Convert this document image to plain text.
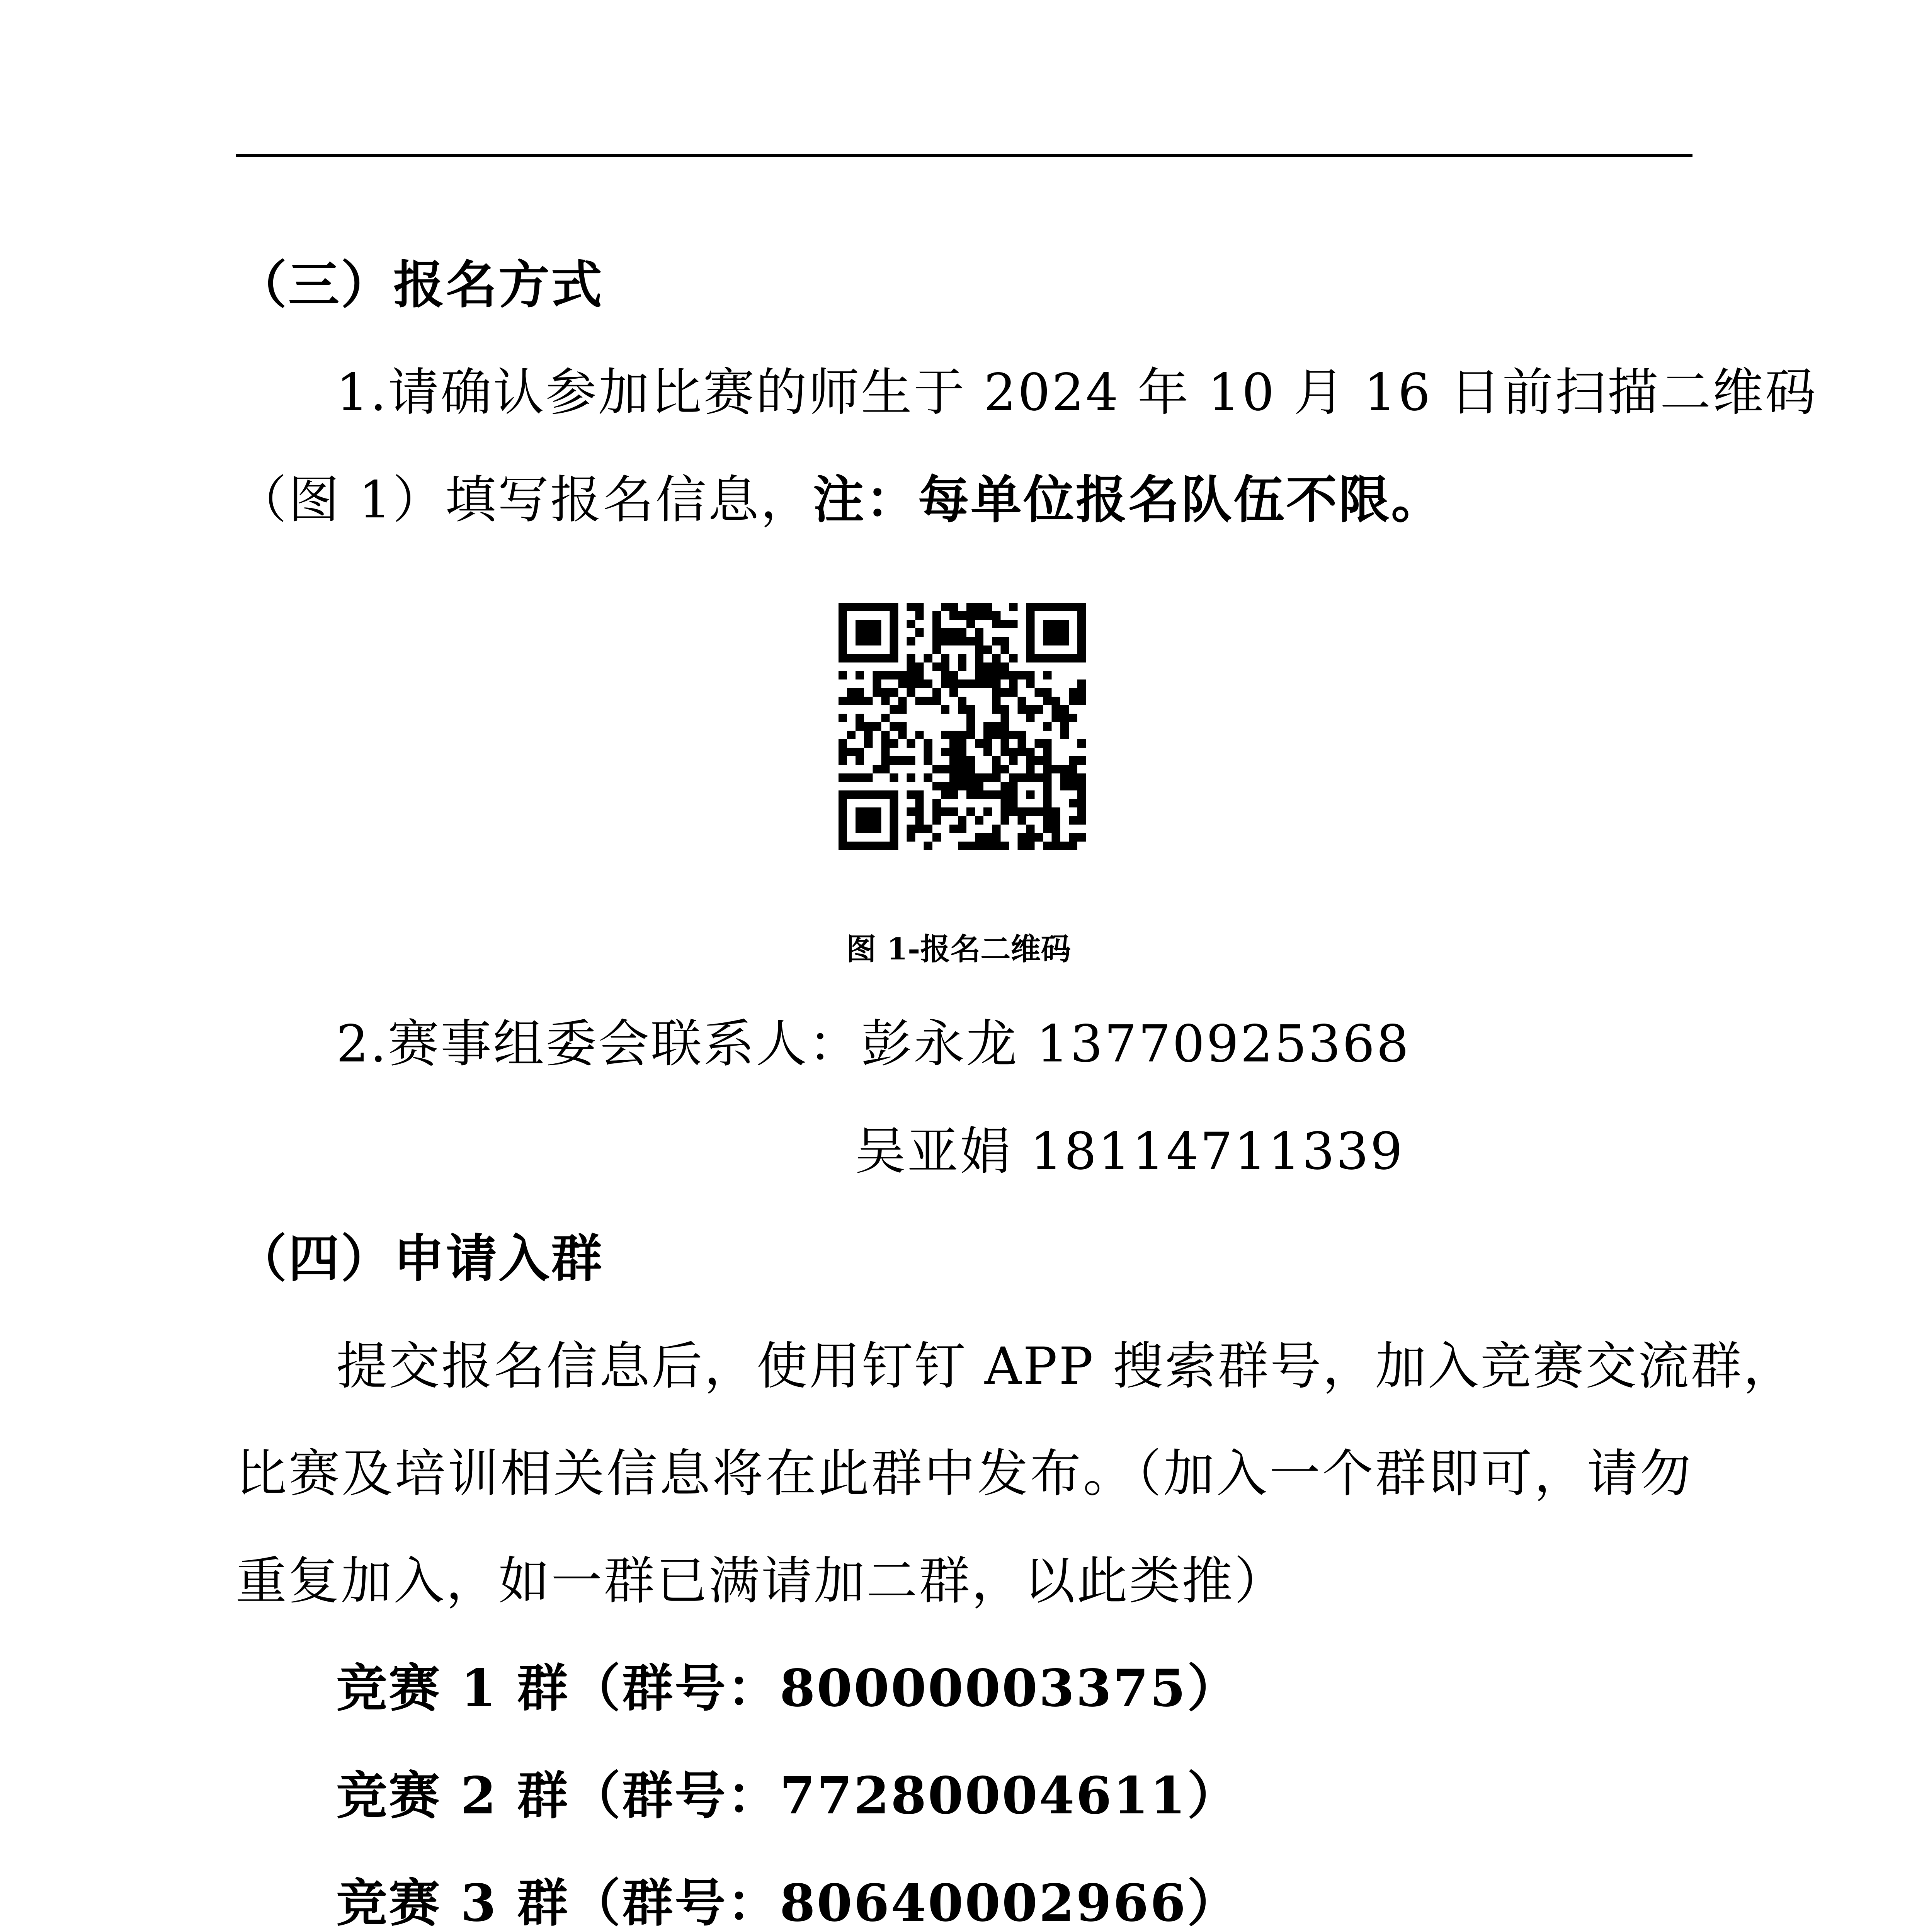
（三）报名方式
1.请确认参加比赛的师生于 2024 年 10 月 16 日前扫描二维码
（图 1）填写报名信息，注：每单位报名队伍不限。
图 1-报名二维码
2.赛事组委会联系人：彭永龙 13770925368
吴亚娟 18114711339
（四）申请入群
提交报名信息后，使用钉钉 APP 搜索群号，加入竞赛交流群，
比赛及培训相关信息将在此群中发布。（加入一个群即可，请勿
重复加入，如一群已满请加二群，以此类推）
竞赛 1 群（群号：80000003375）
竞赛 2 群（群号：77280004611）
竞赛 3 群（群号：80640002966）
